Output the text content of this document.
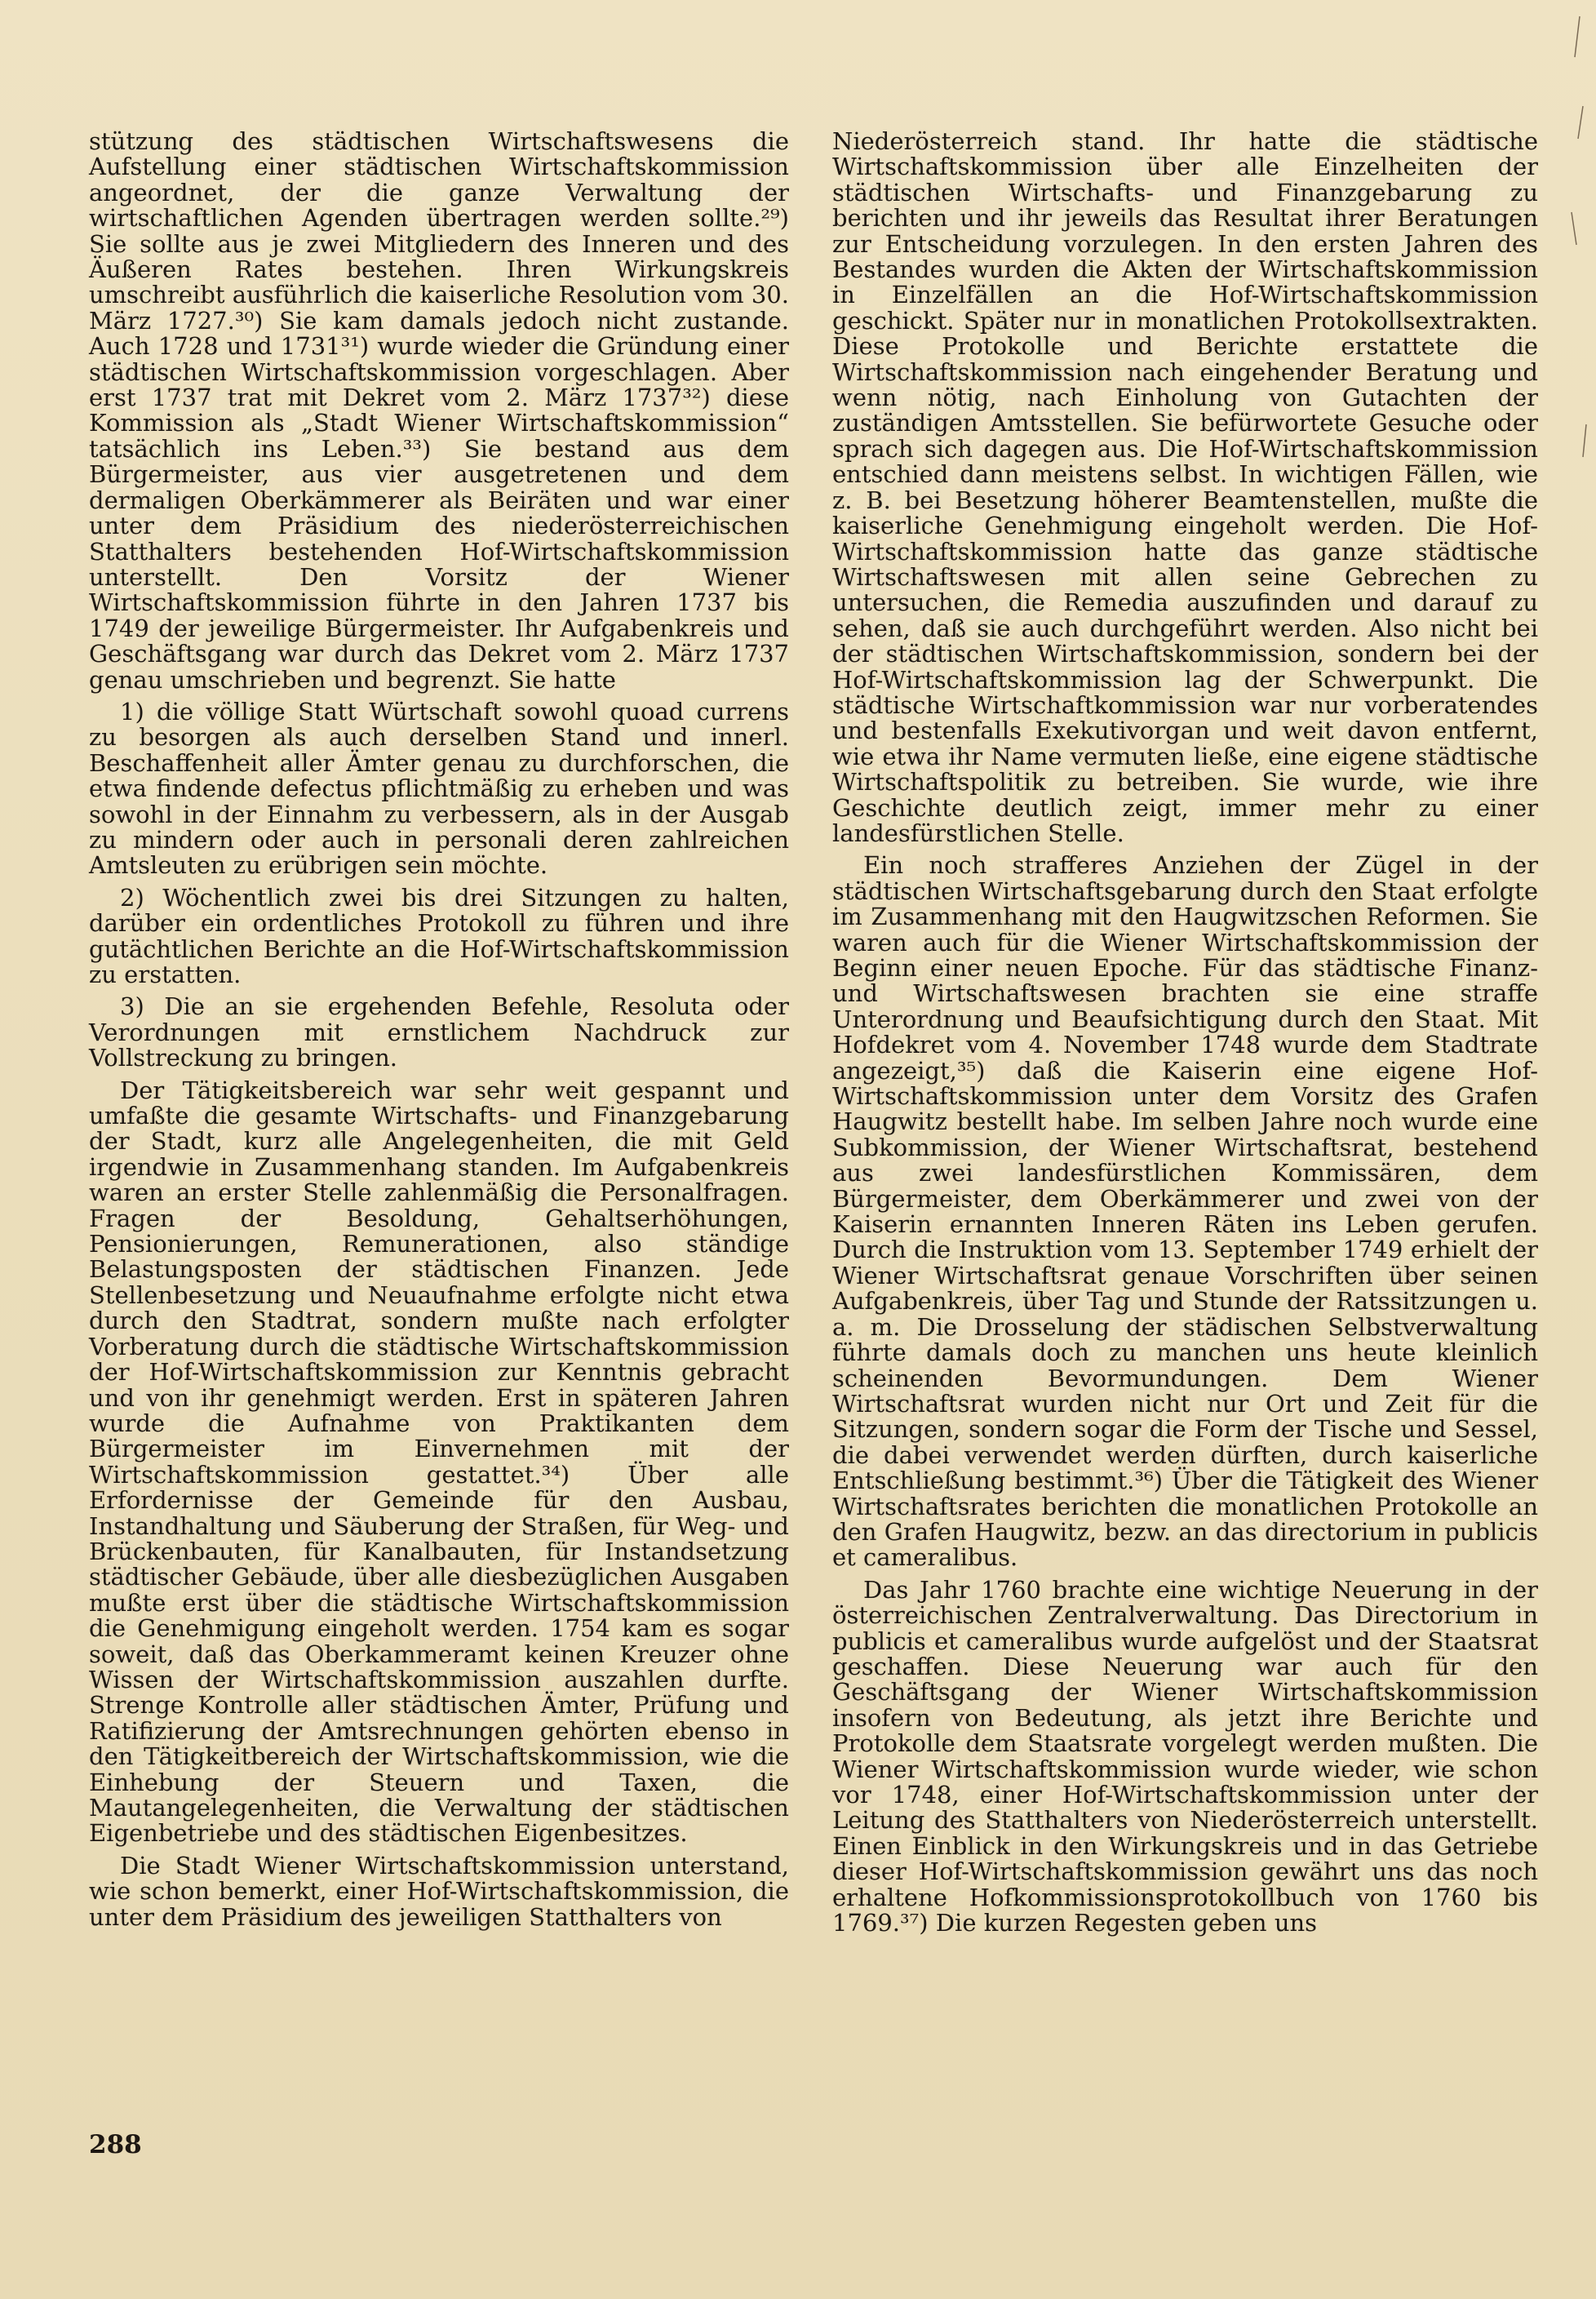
stützung des städtischen Wirtschaftswesens die Aufstellung einer städtischen Wirtschaftskommission angeordnet, der die ganze Verwaltung der wirtschaftlichen Agenden übertragen werden sollte.²⁹) Sie sollte aus je zwei Mitgliedern des Inneren und des Äußeren Rates bestehen. Ihren Wirkungskreis umschreibt ausführlich die kaiserliche Resolution vom 30. März 1727.³⁰) Sie kam damals jedoch nicht zustande. Auch 1728 und 1731³¹) wurde wieder die Gründung einer städtischen Wirtschaftskommission vorgeschlagen. Aber erst 1737 trat mit Dekret vom 2. März 1737³²) diese Kommission als „Stadt Wiener Wirtschaftskommission“ tatsächlich ins Leben.³³) Sie bestand aus dem Bürgermeister, aus vier ausgetretenen und dem dermaligen Oberkämmerer als Beiräten und war einer unter dem Präsidium des niederösterreichischen Statthalters bestehenden Hof-Wirtschaftskommission unterstellt. Den Vorsitz der Wiener Wirtschaftskommission führte in den Jahren 1737 bis 1749 der jeweilige Bürgermeister. Ihr Aufgabenkreis und Geschäftsgang war durch das Dekret vom 2. März 1737 genau umschrieben und begrenzt. Sie hatte

1) die völlige Statt Würtschaft sowohl quoad currens zu besorgen als auch derselben Stand und innerl. Beschaffenheit aller Ämter genau zu durchforschen, die etwa findende defectus pflichtmäßig zu erheben und was sowohl in der Einnahm zu verbessern, als in der Ausgab zu mindern oder auch in personali deren zahlreichen Amtsleuten zu erübrigen sein möchte.

2) Wöchentlich zwei bis drei Sitzungen zu halten, darüber ein ordentliches Protokoll zu führen und ihre gutächtlichen Berichte an die Hof-Wirtschaftskommission zu erstatten.

3) Die an sie ergehenden Befehle, Resoluta oder Verordnungen mit ernstlichem Nachdruck zur Vollstreckung zu bringen.

Der Tätigkeitsbereich war sehr weit gespannt und umfaßte die gesamte Wirtschafts- und Finanzgebarung der Stadt, kurz alle Angelegenheiten, die mit Geld irgendwie in Zusammenhang standen. Im Aufgabenkreis waren an erster Stelle zahlenmäßig die Personalfragen. Fragen der Besoldung, Gehaltserhöhungen, Pensionierungen, Remunerationen, also ständige Belastungsposten der städtischen Finanzen. Jede Stellenbesetzung und Neuaufnahme erfolgte nicht etwa durch den Stadtrat, sondern mußte nach erfolgter Vorberatung durch die städtische Wirtschaftskommission der Hof-Wirtschaftskommission zur Kenntnis gebracht und von ihr genehmigt werden. Erst in späteren Jahren wurde die Aufnahme von Praktikanten dem Bürgermeister im Einvernehmen mit der Wirtschaftskommission gestattet.³⁴) Über alle Erfordernisse der Gemeinde für den Ausbau, Instandhaltung und Säuberung der Straßen, für Weg- und Brückenbauten, für Kanalbauten, für Instandsetzung städtischer Gebäude, über alle diesbezüglichen Ausgaben mußte erst über die städtische Wirtschaftskommission die Genehmigung eingeholt werden. 1754 kam es sogar soweit, daß das Oberkammeramt keinen Kreuzer ohne Wissen der Wirtschaftskommission auszahlen durfte. Strenge Kontrolle aller städtischen Ämter, Prüfung und Ratifizierung der Amtsrechnungen gehörten ebenso in den Tätigkeitbereich der Wirtschaftskommission, wie die Einhebung der Steuern und Taxen, die Mautangelegenheiten, die Verwaltung der städtischen Eigenbetriebe und des städtischen Eigenbesitzes.

Die Stadt Wiener Wirtschaftskommission unterstand, wie schon bemerkt, einer Hof-Wirtschaftskommission, die unter dem Präsidium des jeweiligen Statthalters von

Niederösterreich stand. Ihr hatte die städtische Wirtschaftskommission über alle Einzelheiten der städtischen Wirtschafts- und Finanzgebarung zu berichten und ihr jeweils das Resultat ihrer Beratungen zur Entscheidung vorzulegen. In den ersten Jahren des Bestandes wurden die Akten der Wirtschaftskommission in Einzelfällen an die Hof-Wirtschaftskommission geschickt. Später nur in monatlichen Protokollsextrakten. Diese Protokolle und Berichte erstattete die Wirtschaftskommission nach eingehender Beratung und wenn nötig, nach Einholung von Gutachten der zuständigen Amtsstellen. Sie befürwortete Gesuche oder sprach sich dagegen aus. Die Hof-Wirtschaftskommission entschied dann meistens selbst. In wichtigen Fällen, wie z. B. bei Besetzung höherer Beamtenstellen, mußte die kaiserliche Genehmigung eingeholt werden. Die Hof-Wirtschaftskommission hatte das ganze städtische Wirtschaftswesen mit allen seine Gebrechen zu untersuchen, die Remedia auszufinden und darauf zu sehen, daß sie auch durchgeführt werden. Also nicht bei der städtischen Wirtschaftskommission, sondern bei der Hof-Wirtschaftskommission lag der Schwerpunkt. Die städtische Wirtschaftkommission war nur vorberatendes und bestenfalls Exekutivorgan und weit davon entfernt, wie etwa ihr Name vermuten ließe, eine eigene städtische Wirtschaftspolitik zu betreiben. Sie wurde, wie ihre Geschichte deutlich zeigt, immer mehr zu einer landesfürstlichen Stelle.

Ein noch strafferes Anziehen der Zügel in der städtischen Wirtschaftsgebarung durch den Staat erfolgte im Zusammenhang mit den Haugwitzschen Reformen. Sie waren auch für die Wiener Wirtschaftskommission der Beginn einer neuen Epoche. Für das städtische Finanz- und Wirtschaftswesen brachten sie eine straffe Unterordnung und Beaufsichtigung durch den Staat. Mit Hofdekret vom 4. November 1748 wurde dem Stadtrate angezeigt,³⁵) daß die Kaiserin eine eigene Hof-Wirtschaftskommission unter dem Vorsitz des Grafen Haugwitz bestellt habe. Im selben Jahre noch wurde eine Subkommission, der Wiener Wirtschaftsrat, bestehend aus zwei landesfürstlichen Kommissären, dem Bürgermeister, dem Oberkämmerer und zwei von der Kaiserin ernannten Inneren Räten ins Leben gerufen. Durch die Instruktion vom 13. September 1749 erhielt der Wiener Wirtschaftsrat genaue Vorschriften über seinen Aufgabenkreis, über Tag und Stunde der Ratssitzungen u. a. m. Die Drosselung der städischen Selbstverwaltung führte damals doch zu manchen uns heute kleinlich scheinenden Bevormundungen. Dem Wiener Wirtschaftsrat wurden nicht nur Ort und Zeit für die Sitzungen, sondern sogar die Form der Tische und Sessel, die dabei verwendet werden dürften, durch kaiserliche Entschließung bestimmt.³⁶) Über die Tätigkeit des Wiener Wirtschaftsrates berichten die monatlichen Protokolle an den Grafen Haugwitz, bezw. an das directorium in publicis et cameralibus.

Das Jahr 1760 brachte eine wichtige Neuerung in der österreichischen Zentralverwaltung. Das Directorium in publicis et cameralibus wurde aufgelöst und der Staatsrat geschaffen. Diese Neuerung war auch für den Geschäftsgang der Wiener Wirtschaftskommission insofern von Bedeutung, als jetzt ihre Berichte und Protokolle dem Staatsrate vorgelegt werden mußten. Die Wiener Wirtschaftskommission wurde wieder, wie schon vor 1748, einer Hof-Wirtschaftskommission unter der Leitung des Statthalters von Niederösterreich unterstellt. Einen Einblick in den Wirkungskreis und in das Getriebe dieser Hof-Wirtschaftskommission gewährt uns das noch erhaltene Hofkommissionsprotokollbuch von 1760 bis 1769.³⁷) Die kurzen Regesten geben uns

288
